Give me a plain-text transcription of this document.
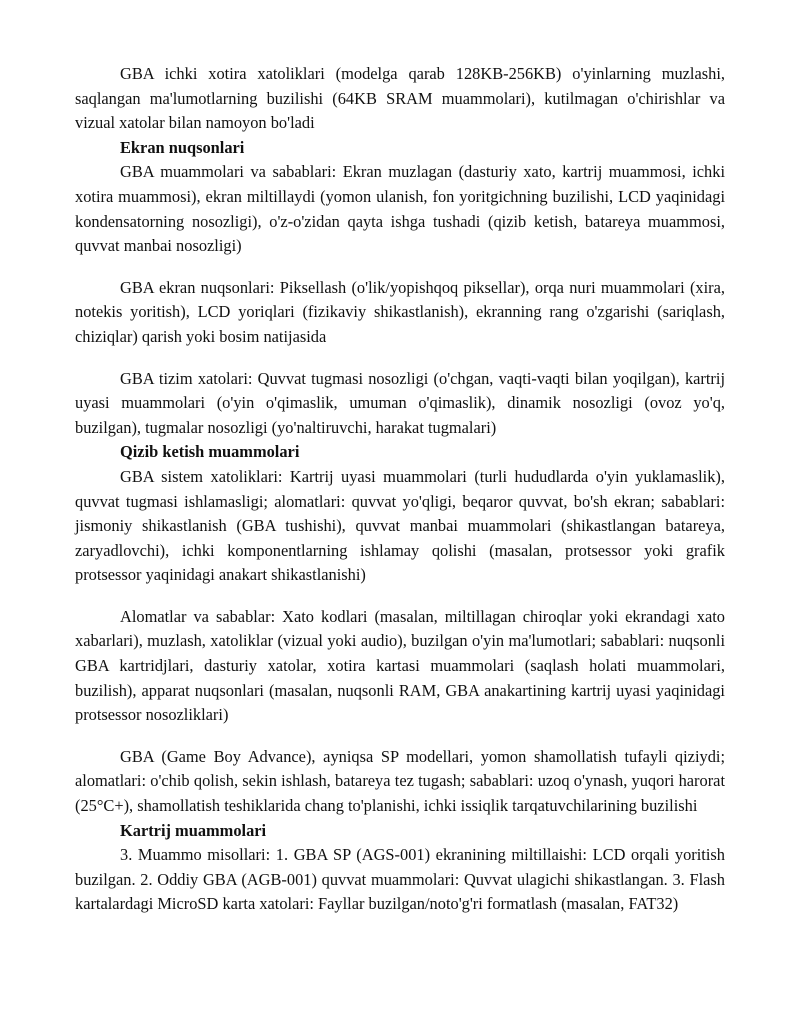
GBA ichki xotira xatoliklari (modelga qarab 128KB-256KB) o'yinlarning muzlashi, saqlangan ma'lumotlarning buzilishi (64KB SRAM muammolari), kutilmagan o'chirishlar va vizual xatolar bilan namoyon bo'ladi

Ekran nuqsonlari

GBA muammolari va sabablari: Ekran muzlagan (dasturiy xato, kartrij muammosi, ichki xotira muammosi), ekran miltillaydi (yomon ulanish, fon yoritgichning buzilishi, LCD yaqinidagi kondensatorning nosozligi), o'z-o'zidan qayta ishga tushadi (qizib ketish, batareya muammosi, quvvat manbai nosozligi)

GBA ekran nuqsonlari: Piksellash (o'lik/yopishqoq piksellar), orqa nuri muammolari (xira, notekis yoritish), LCD yoriqlari (fizikaviy shikastlanish), ekranning rang o'zgarishi (sariqlash, chiziqlar) qarish yoki bosim natijasida

GBA tizim xatolari: Quvvat tugmasi nosozligi (o'chgan, vaqti-vaqti bilan yoqilgan), kartrij uyasi muammolari (o'yin o'qimaslik, umuman o'qimaslik), dinamik nosozligi (ovoz yo'q, buzilgan), tugmalar nosozligi (yo'naltiruvchi, harakat tugmalari)

Qizib ketish muammolari

GBA sistem xatoliklari: Kartrij uyasi muammolari (turli hududlarda o'yin yuklamaslik), quvvat tugmasi ishlamasligi; alomatlari: quvvat yo'qligi, beqaror quvvat, bo'sh ekran; sabablari: jismoniy shikastlanish (GBA tushishi), quvvat manbai muammolari (shikastlangan batareya, zaryadlovchi), ichki komponentlarning ishlamay qolishi (masalan, protsessor yoki grafik protsessor yaqinidagi anakart shikastlanishi)

Alomatlar va sabablar: Xato kodlari (masalan, miltillagan chiroqlar yoki ekrandagi xato xabarlari), muzlash, xatoliklar (vizual yoki audio), buzilgan o'yin ma'lumotlari; sabablari: nuqsonli GBA kartridjlari, dasturiy xatolar, xotira kartasi muammolari (saqlash holati muammolari, buzilish), apparat nuqsonlari (masalan, nuqsonli RAM, GBA anakartining kartrij uyasi yaqinidagi protsessor nosozliklari)

GBA (Game Boy Advance), ayniqsa SP modellari, yomon shamollatish tufayli qiziydi; alomatlari: o'chib qolish, sekin ishlash, batareya tez tugash; sabablari: uzoq o'ynash, yuqori harorat (25°C+), shamollatish teshiklarida chang to'planishi, ichki issiqlik tarqatuvchilarining buzilishi

Kartrij muammolari

3. Muammo misollari: 1. GBA SP (AGS-001) ekranining miltillaishi: LCD orqali yoritish buzilgan. 2. Oddiy GBA (AGB-001) quvvat muammolari: Quvvat ulagichi shikastlangan. 3. Flash kartalardagi MicroSD karta xatolari: Fayllar buzilgan/noto'g'ri formatlash (masalan, FAT32)
